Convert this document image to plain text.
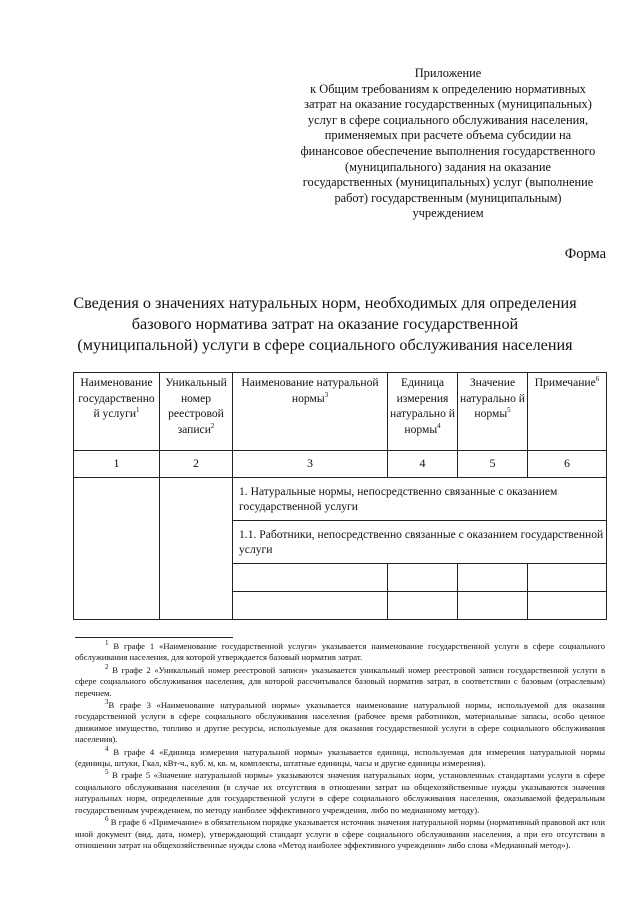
Приложение
к Общим требованиям к определению нормативных
затрат на оказание государственных (муниципальных)
услуг в сфере социального обслуживания населения,
применяемых при расчете объема субсидии на
финансовое обеспечение выполнения государственного
(муниципального) задания на оказание
государственных (муниципальных) услуг (выполнение
работ) государственным (муниципальным)
учреждением
Форма
Сведения о значениях натуральных норм, необходимых для определения
базового норматива затрат на оказание государственной
(муниципальной) услуги в сфере социального обслуживания населения
Наименование государственно й услуги$^1$	Уникальный номер реестровой записи$^2$	Наименование натуральной нормы$^3$	Единица измерения натурально й нормы$^4$	Значение натурально й нормы$^5$	Примечание$^6$
1	2	3	4	5	6
		1. Натуральные нормы, непосредственно связанные с оказанием государственной услуги			
		1.1. Работники, непосредственно связанные с оказанием государственной услуги			

$^1$ В графе 1 «Наименование государственной услуги» указывается наименование государственной услуги в сфере социального обслуживания населения, для которой утверждается базовый норматив затрат.

$^2$ В графе 2 «Уникальный номер реестровой записи» указывается уникальный номер реестровой записи государственной услуги в сфере социального обслуживания населения, для которой рассчитывался базовый норматив затрат, в соответствии с базовым (отраслевым) перечнем.

$^3$В графе 3 «Наименование натуральной нормы» указывается наименование натуральной нормы, используемой для оказания государственной услуги в сфере социального обслуживания населения (рабочее время работников, материальные запасы, особо ценное движимое имущество, топливо и другие ресурсы, используемые для оказания государственной услуги в сфере социального обслуживания населения).

$^4$ В графе 4 «Единица измерения натуральной нормы» указывается единица, используемая для измерения натуральной нормы (единицы, штуки, Гкал, кВт-ч., куб. м, кв. м, комплекты, штатные единицы, часы и другие единицы измерения).

$^5$ В графе 5 «Значение натуральной нормы» указываются значения натуральных норм, установленных стандартами услуги в сфере социального обслуживания населения (в случае их отсутствия в отношении затрат на общехозяйственные нужды указываются значения натуральных норм, определенные для государственной услуги в сфере социального обслуживания населения, оказываемой федеральным государственным учреждением, по методу наиболее эффективного учреждения, либо по медианному методу).

$^6$ В графе 6 «Примечание» в обязательном порядке указывается источник значения натуральной нормы (нормативный правовой акт или иной документ (вид, дата, номер), утверждающий стандарт услуги в сфере социального обслуживания населения, а при его отсутствии в отношении затрат на общехозяйственные нужды слова «Метод наиболее эффективного учреждения» либо слова «Медианный метод»).
